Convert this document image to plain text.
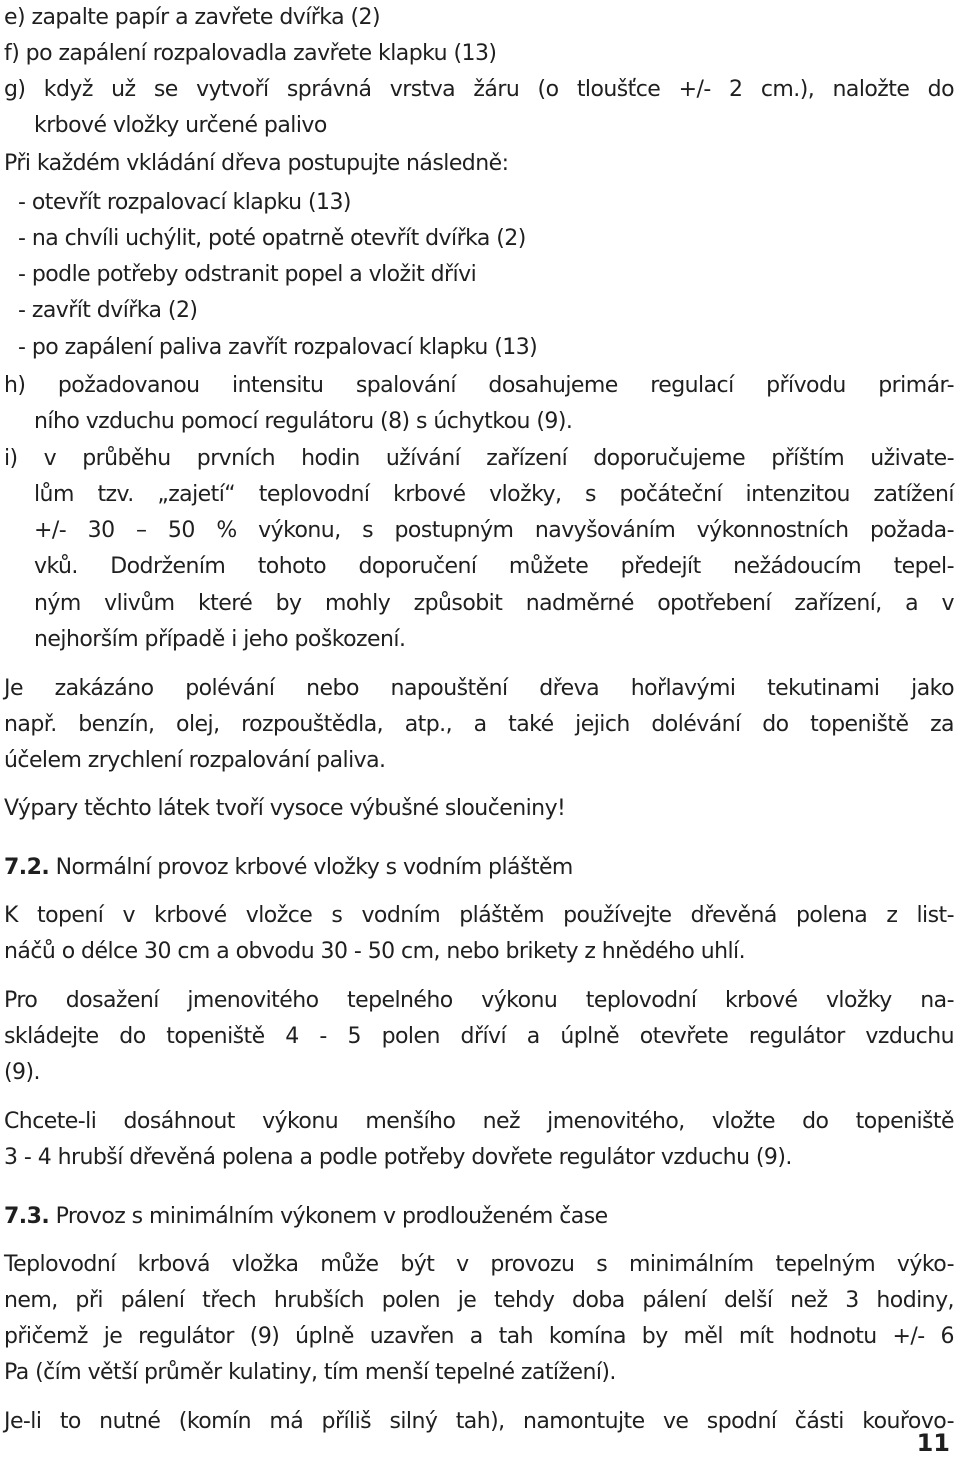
e) zapalte papír a zavřete dvířka (2)
f) po zapálení rozpalovadla zavřete klapku (13)
g) když už se vytvoří správná vrstva žáru (o tloušťce +/- 2 cm.), naložte do
krbové vložky určené palivo
Při každém vkládání dřeva postupujte následně:
- otevřít rozpalovací klapku (13)
- na chvíli uchýlit, poté opatrně otevřít dvířka (2)
- podle potřeby odstranit popel a vložit dřívi
- zavřít dvířka (2)
- po zapálení paliva zavřít rozpalovací klapku (13)
h) požadovanou intensitu spalování dosahujeme regulací přívodu primár-
ního vzduchu pomocí regulátoru (8) s úchytkou (9).
i) v průběhu prvních hodin užívání zařízení doporučujeme příštím uživate-
lům tzv. „zajetí“ teplovodní krbové vložky, s počáteční intenzitou zatížení
+/- 30 – 50 % výkonu, s postupným navyšováním výkonnostních požada-
vků. Dodržením tohoto doporučení můžete předejít nežádoucím tepel-
ným vlivům které by mohly způsobit nadměrné opotřebení zařízení, a v
nejhorším případě i jeho poškození.
Je zakázáno polévání nebo napouštění dřeva hořlavými tekutinami jako
např. benzín, olej, rozpouštědla, atp., a také jejich dolévání do topeniště za
účelem zrychlení rozpalování paliva.
Výpary těchto látek tvoří vysoce výbušné sloučeniny!
7.2. Normální provoz krbové vložky s vodním pláštěm
K topení v krbové vložce s vodním pláštěm používejte dřevěná polena z list-
náčů o délce 30 cm a obvodu 30 - 50 cm, nebo brikety z hnědého uhlí.
Pro dosažení jmenovitého tepelného výkonu teplovodní krbové vložky na-
skládejte do topeniště 4 - 5 polen dříví a úplně otevřete regulátor vzduchu
(9).
Chcete-li dosáhnout výkonu menšího než jmenovitého, vložte do topeniště
3 - 4 hrubší dřevěná polena a podle potřeby dovřete regulátor vzduchu (9).
7.3. Provoz s minimálním výkonem v prodlouženém čase
Teplovodní krbová vložka může být v provozu s minimálním tepelným výko-
nem, při pálení třech hrubších polen je tehdy doba pálení delší než 3 hodiny,
přičemž je regulátor (9) úplně uzavřen a tah komína by měl mít hodnotu +/- 6
Pa (čím větší průměr kulatiny, tím menší tepelné zatížení).
Je-li to nutné (komín má příliš silný tah), namontujte ve spodní části kouřovo-
11
